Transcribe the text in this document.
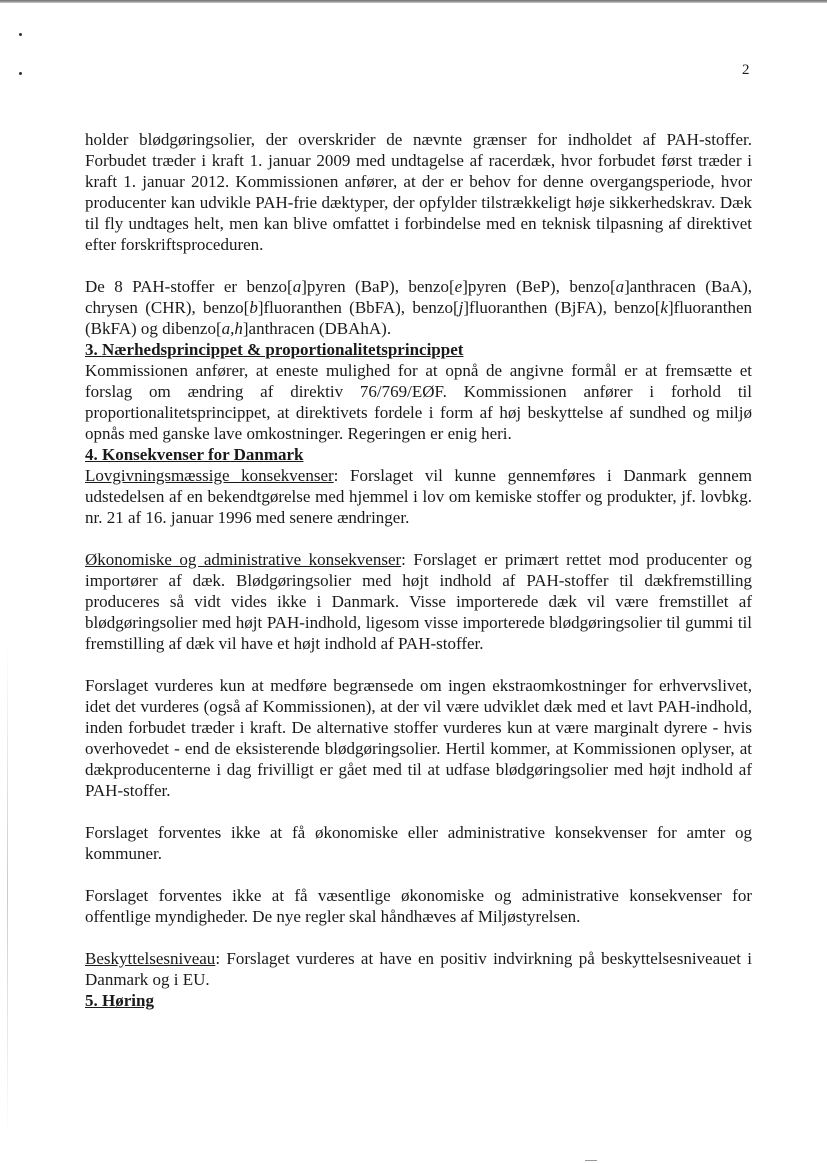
2

holder blødgøringsolier, der overskrider de nævnte grænser for indholdet af PAH-stoffer. Forbudet træder i kraft 1. januar 2009 med undtagelse af racerdæk, hvor forbudet først træder i kraft 1. januar 2012. Kommissionen anfører, at der er behov for denne overgangsperiode, hvor producenter kan udvikle PAH-frie dæktyper, der opfylder tilstrækkeligt høje sikkerhedskrav. Dæk til fly undtages helt, men kan blive omfattet i forbindelse med en teknisk tilpasning af direktivet efter forskriftsproceduren.

De 8 PAH-stoffer er benzo[a]pyren (BaP), benzo[e]pyren (BeP), benzo[a]anthracen (BaA), chrysen (CHR), benzo[b]fluoranthen (BbFA), benzo[j]fluoranthen (BjFA), benzo[k]fluoranthen (BkFA) og dibenzo[a,h]anthracen (DBAhA).

3. Nærhedsprincippet & proportionalitetsprincippet

Kommissionen anfører, at eneste mulighed for at opnå de angivne formål er at fremsætte et forslag om ændring af direktiv 76/769/EØF. Kommissionen anfører i forhold til proportionalitetsprincippet, at direktivets fordele i form af høj beskyttelse af sundhed og miljø opnås med ganske lave omkostninger. Regeringen er enig heri.

4. Konsekvenser for Danmark

Lovgivningsmæssige konsekvenser: Forslaget vil kunne gennemføres i Danmark gennem udstedelsen af en bekendtgørelse med hjemmel i lov om kemiske stoffer og produkter, jf. lovbkg. nr. 21 af 16. januar 1996 med senere ændringer.

Økonomiske og administrative konsekvenser: Forslaget er primært rettet mod producenter og importører af dæk. Blødgøringsolier med højt indhold af PAH-stoffer til dækfremstilling produceres så vidt vides ikke i Danmark. Visse importerede dæk vil være fremstillet af blødgøringsolier med højt PAH-indhold, ligesom visse importerede blødgøringsolier til gummi til fremstilling af dæk vil have et højt indhold af PAH-stoffer.

Forslaget vurderes kun at medføre begrænsede om ingen ekstraomkostninger for erhvervslivet, idet det vurderes (også af Kommissionen), at der vil være udviklet dæk med et lavt PAH-indhold, inden forbudet træder i kraft. De alternative stoffer vurderes kun at være marginalt dyrere - hvis overhovedet - end de eksisterende blødgøringsolier. Hertil kommer, at Kommissionen oplyser, at dækproducenterne i dag frivilligt er gået med til at udfase blødgøringsolier med højt indhold af PAH-stoffer.

Forslaget forventes ikke at få økonomiske eller administrative konsekvenser for amter og kommuner.

Forslaget forventes ikke at få væsentlige økonomiske og administrative konsekvenser for offentlige myndigheder. De nye regler skal håndhæves af Miljøstyrelsen.

Beskyttelsesniveau: Forslaget vurderes at have en positiv indvirkning på beskyttelsesniveauet i Danmark og i EU.

5. Høring
